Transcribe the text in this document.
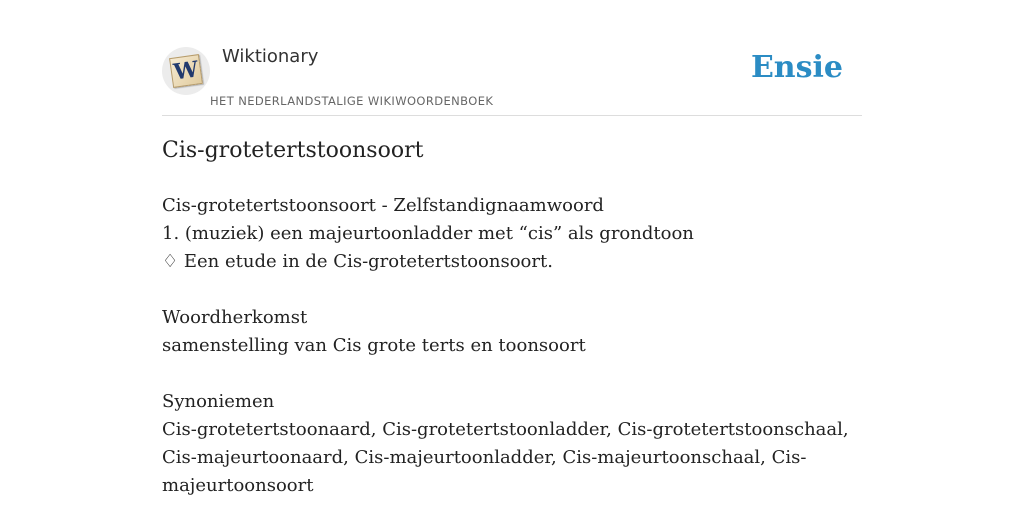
W Wiktionary
HET NEDERLANDSTALIGE WIKIWOORDENBOEK
Ensie
Cis-grotetertstoonsoort
Cis-grotetertstoonsoort - Zelfstandignaamwoord
1. (muziek) een majeurtoonladder met “cis” als grondtoon
♢ Een etude in de Cis-grotetertstoonsoort.
Woordherkomst
samenstelling van Cis grote terts en toonsoort
Synoniemen
Cis-grotetertstoonaard, Cis-grotetertstoonladder, Cis-grotetertstoonschaal, Cis-majeurtoonaard, Cis-majeurtoonladder, Cis-majeurtoonschaal, Cis-majeurtoonsoort
